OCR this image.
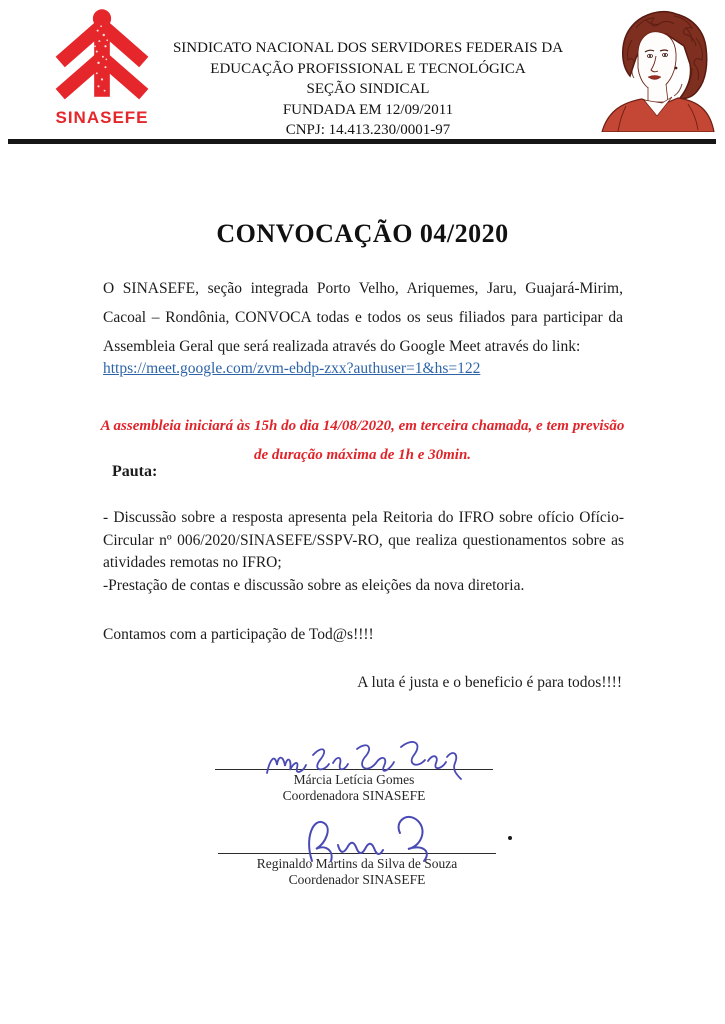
SINASEFE
SINDICATO NACIONAL DOS SERVIDORES FEDERAIS DA
EDUCAÇÃO PROFISSIONAL E TECNOLÓGICA
SEÇÃO SINDICAL
FUNDADA EM 12/09/2011
CNPJ: 14.413.230/0001-97
CONVOCAÇÃO 04/2020

O SINASEFE, seção integrada Porto Velho, Ariquemes, Jaru, Guajará-Mirim, Cacoal – Rondônia, CONVOCA todas e todos os seus filiados para participar da Assembleia Geral que será realizada através do Google Meet através do link:

https://meet.google.com/zvm-ebdp-zxx?authuser=1&hs=122
A assembleia iniciará às 15h do dia 14/08/2020, em terceira chamada, e tem previsão
de duração máxima de 1h e 30min.
Pauta:
- Discussão sobre a resposta apresenta pela Reitoria do IFRO sobre ofício Ofício-Circular nº 006/2020/SINASEFE/SSPV-RO, que realiza questionamentos sobre as atividades remotas no IFRO;
-Prestação de contas e discussão sobre as eleições da nova diretoria.
Contamos com a participação de Tod@s!!!!
A luta é justa e o beneficio é para todos!!!!
Márcia Letícia Gomes
Coordenadora SINASEFE
Reginaldo Martins da Silva de Souza
Coordenador SINASEFE
